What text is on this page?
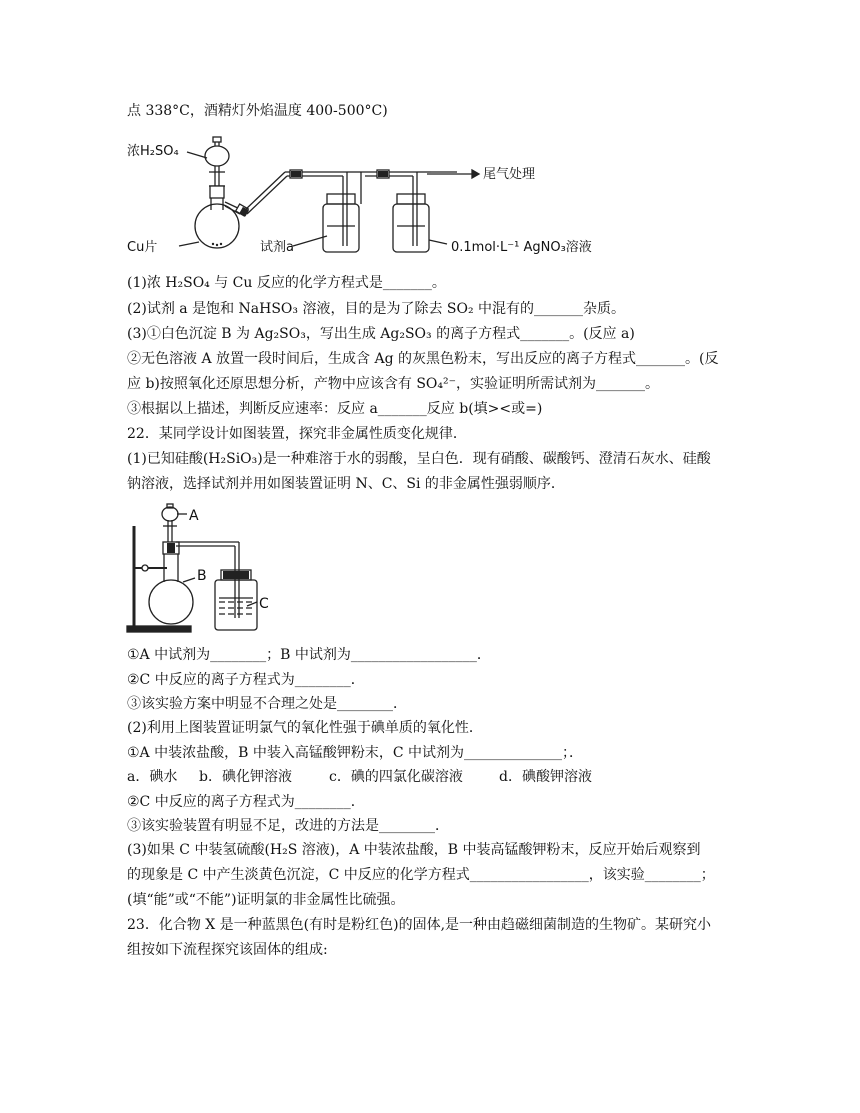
点 338°C，酒精灯外焰温度 400-500°C)
浓H₂SO₄
Cu片	试剂a	0.1mol·L⁻¹ AgNO₃溶液
尾气处理
(1)浓 H₂SO₄ 与 Cu 反应的化学方程式是_______。
(2)试剂 a 是饱和 NaHSO₃ 溶液，目的是为了除去 SO₂ 中混有的_______杂质。
(3)①白色沉淀 B 为 Ag₂SO₃，写出生成 Ag₂SO₃ 的离子方程式_______。(反应 a)
②无色溶液 A 放置一段时间后，生成含 Ag 的灰黑色粉末，写出反应的离子方程式_______。(反
应 b)按照氧化还原思想分析，产物中应该含有 SO₄²⁻，实验证明所需试剂为_______。
③根据以上描述，判断反应速率：反应 a_______反应 b(填><或=)
22．某同学设计如图装置，探究非金属性质变化规律．
(1)已知硅酸(H₂SiO₃)是一种难溶于水的弱酸，呈白色．现有硝酸、碳酸钙、澄清石灰水、硅酸
钠溶液，选择试剂并用如图装置证明 N、C、Si 的非金属性强弱顺序．
A
B
C
①A 中试剂为________；B 中试剂为__________________．
②C 中反应的离子方程式为________．
③该实验方案中明显不合理之处是________．
(2)利用上图装置证明氯气的氧化性强于碘单质的氧化性．
①A 中装浓盐酸，B 中装入高锰酸钾粉末，C 中试剂为______________；．
a．碘水 b．碘化钾溶液	c．碘的四氯化碳溶液	d．碘酸钾溶液
②C 中反应的离子方程式为________．
③该实验装置有明显不足，改进的方法是________．
(3)如果 C 中装氢硫酸(H₂S 溶液)，A 中装浓盐酸，B 中装高锰酸钾粉末，反应开始后观察到
的现象是 C 中产生淡黄色沉淀，C 中反应的化学方程式_________________，该实验________；
(填“能”或“不能”)证明氯的非金属性比硫强。
23．化合物 X 是一种蓝黑色(有时是粉红色)的固体,是一种由趋磁细菌制造的生物矿。某研究小
组按如下流程探究该固体的组成:
